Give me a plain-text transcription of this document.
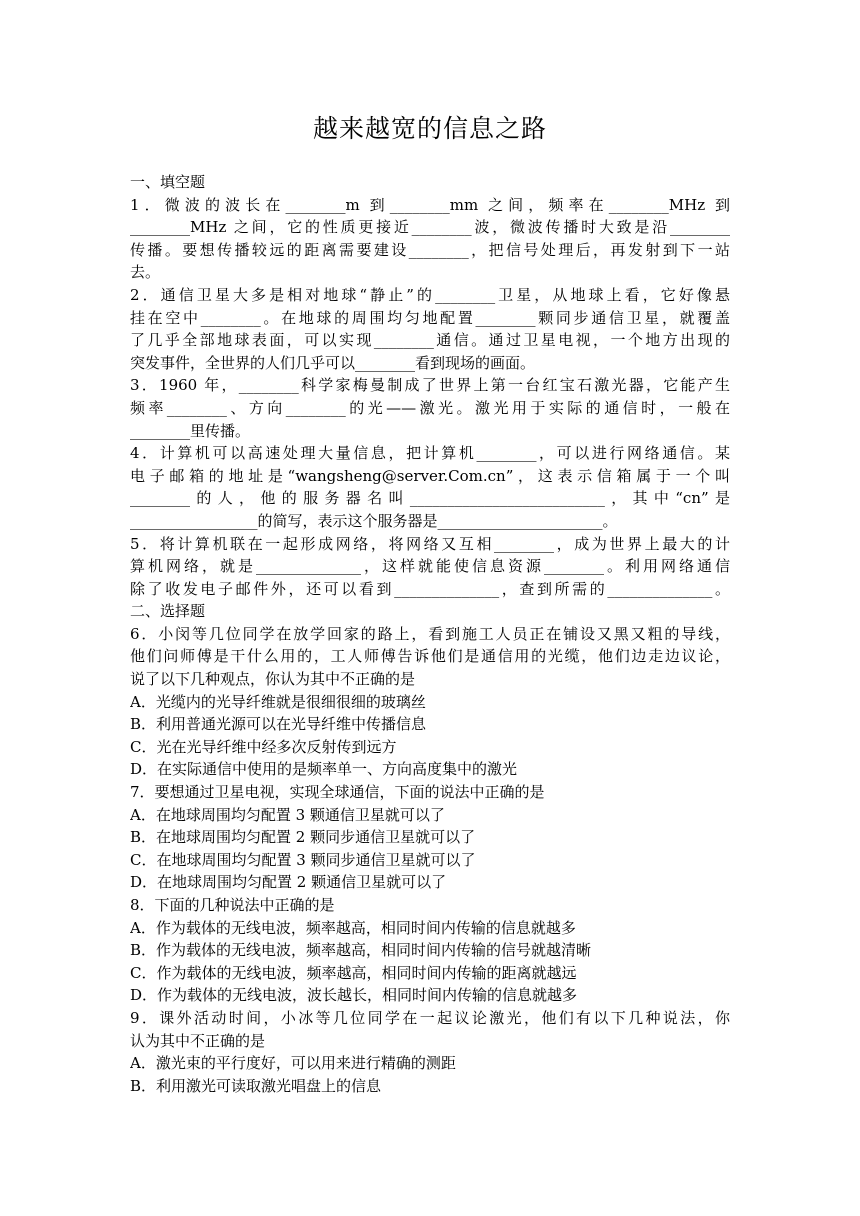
越来越宽的信息之路
一、填空题
1．微波的波长在________m 到________mm 之间，频率在________MHz 到
________MHz 之间，它的性质更接近________波，微波传播时大致是沿________
传播。要想传播较远的距离需要建设________，把信号处理后，再发射到下一站
去。
2．通信卫星大多是相对地球“静止”的________卫星，从地球上看，它好像悬
挂在空中________。在地球的周围均匀地配置________颗同步通信卫星，就覆盖
了几乎全部地球表面，可以实现________通信。通过卫星电视，一个地方出现的
突发事件，全世界的人们几乎可以________看到现场的画面。
3．1960 年，________科学家梅曼制成了世界上第一台红宝石激光器，它能产生
频率________、方向________的光——激光。激光用于实际的通信时，一般在
________里传播。
4．计算机可以高速处理大量信息，把计算机________，可以进行网络通信。某
电子邮箱的地址是“wangsheng@server.Com.cn”，这表示信箱属于一个叫
________的人，他的服务器名叫__________________________，其中“cn”是
_________________的简写，表示这个服务器是______________________。
5．将计算机联在一起形成网络，将网络又互相________，成为世界上最大的计
算机网络，就是______________，这样就能使信息资源________。利用网络通信
除了收发电子邮件外，还可以看到______________，查到所需的______________。
二、选择题
6．小闵等几位同学在放学回家的路上，看到施工人员正在铺设又黑又粗的导线，
他们问师傅是干什么用的，工人师傅告诉他们是通信用的光缆，他们边走边议论，
说了以下几种观点，你认为其中不正确的是
A．光缆内的光导纤维就是很细很细的玻璃丝
B．利用普通光源可以在光导纤维中传播信息
C．光在光导纤维中经多次反射传到远方
D．在实际通信中使用的是频率单一、方向高度集中的激光
7．要想通过卫星电视，实现全球通信，下面的说法中正确的是
A．在地球周围均匀配置 3 颗通信卫星就可以了
B．在地球周围均匀配置 2 颗同步通信卫星就可以了
C．在地球周围均匀配置 3 颗同步通信卫星就可以了
D．在地球周围均匀配置 2 颗通信卫星就可以了
8．下面的几种说法中正确的是
A．作为载体的无线电波，频率越高，相同时间内传输的信息就越多
B．作为载体的无线电波，频率越高，相同时间内传输的信号就越清晰
C．作为载体的无线电波，频率越高，相同时间内传输的距离就越远
D．作为载体的无线电波，波长越长，相同时间内传输的信息就越多
9．课外活动时间，小冰等几位同学在一起议论激光，他们有以下几种说法，你
认为其中不正确的是
A．激光束的平行度好，可以用来进行精确的测距
B．利用激光可读取激光唱盘上的信息
